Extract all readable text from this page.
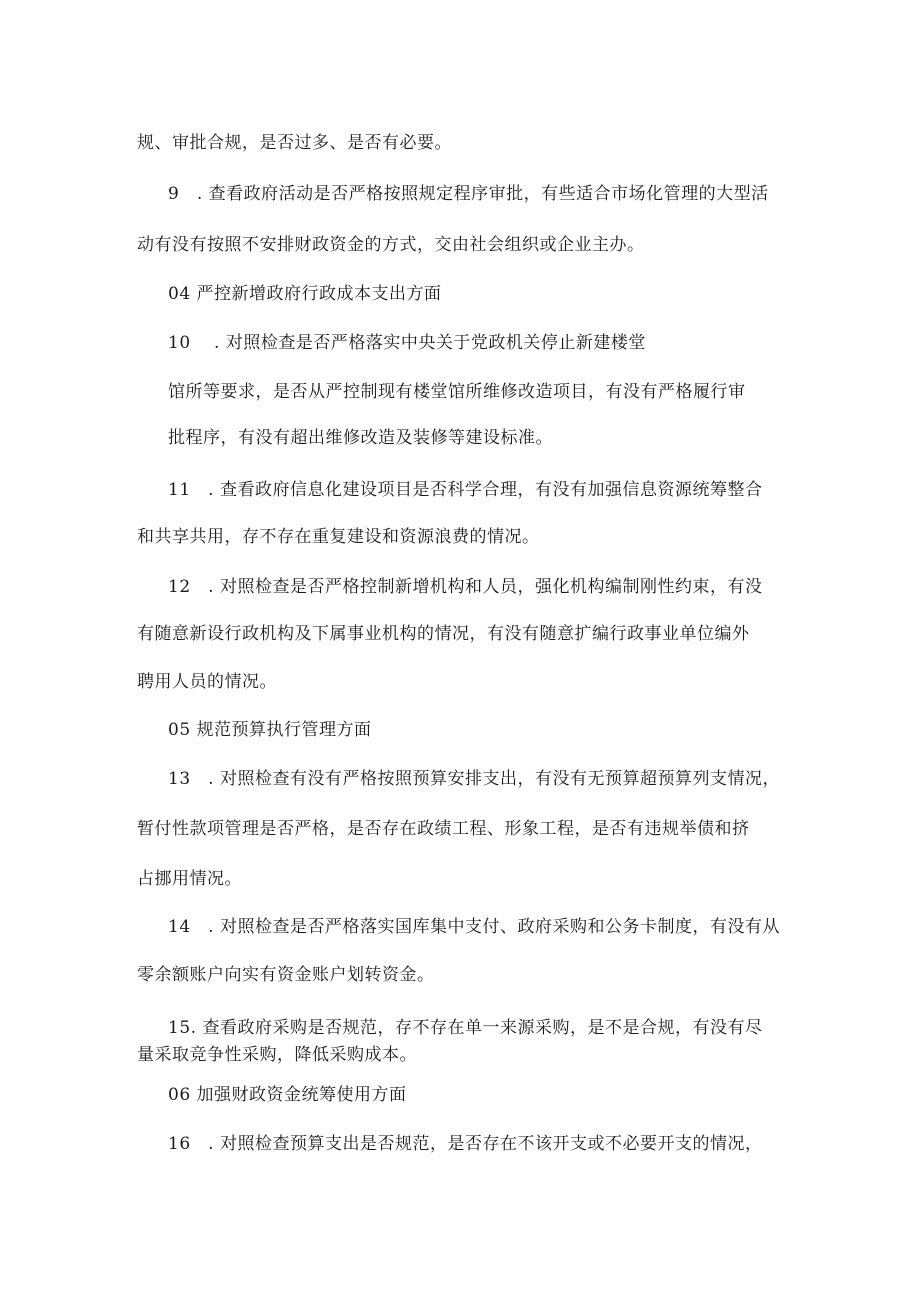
规、审批合规，是否过多、是否有必要。
9　. 查看政府活动是否严格按照规定程序审批，有些适合市场化管理的大型活
动有没有按照不安排财政资金的方式，交由社会组织或企业主办。
04 严控新增政府行政成本支出方面
10　 . 对照检查是否严格落实中央关于党政机关停止新建楼堂
馆所等要求，是否从严控制现有楼堂馆所维修改造项目，有没有严格履行审
批程序，有没有超出维修改造及装修等建设标准。
11　. 查看政府信息化建设项目是否科学合理，有没有加强信息资源统筹整合
和共享共用，存不存在重复建设和资源浪费的情况。
12　. 对照检查是否严格控制新增机构和人员，强化机构编制刚性约束，有没
有随意新设行政机构及下属事业机构的情况，有没有随意扩编行政事业单位编外
聘用人员的情况。
05 规范预算执行管理方面
13　. 对照检查有没有严格按照预算安排支出，有没有无预算超预算列支情况，
暂付性款项管理是否严格，是否存在政绩工程、形象工程，是否有违规举债和挤
占挪用情况。
14　. 对照检查是否严格落实国库集中支付、政府采购和公务卡制度，有没有从
零余额账户向实有资金账户划转资金。
15. 查看政府采购是否规范，存不存在单一来源采购，是不是合规，有没有尽
量采取竞争性采购，降低采购成本。
06 加强财政资金统筹使用方面
16　. 对照检查预算支出是否规范，是否存在不该开支或不必要开支的情况，
